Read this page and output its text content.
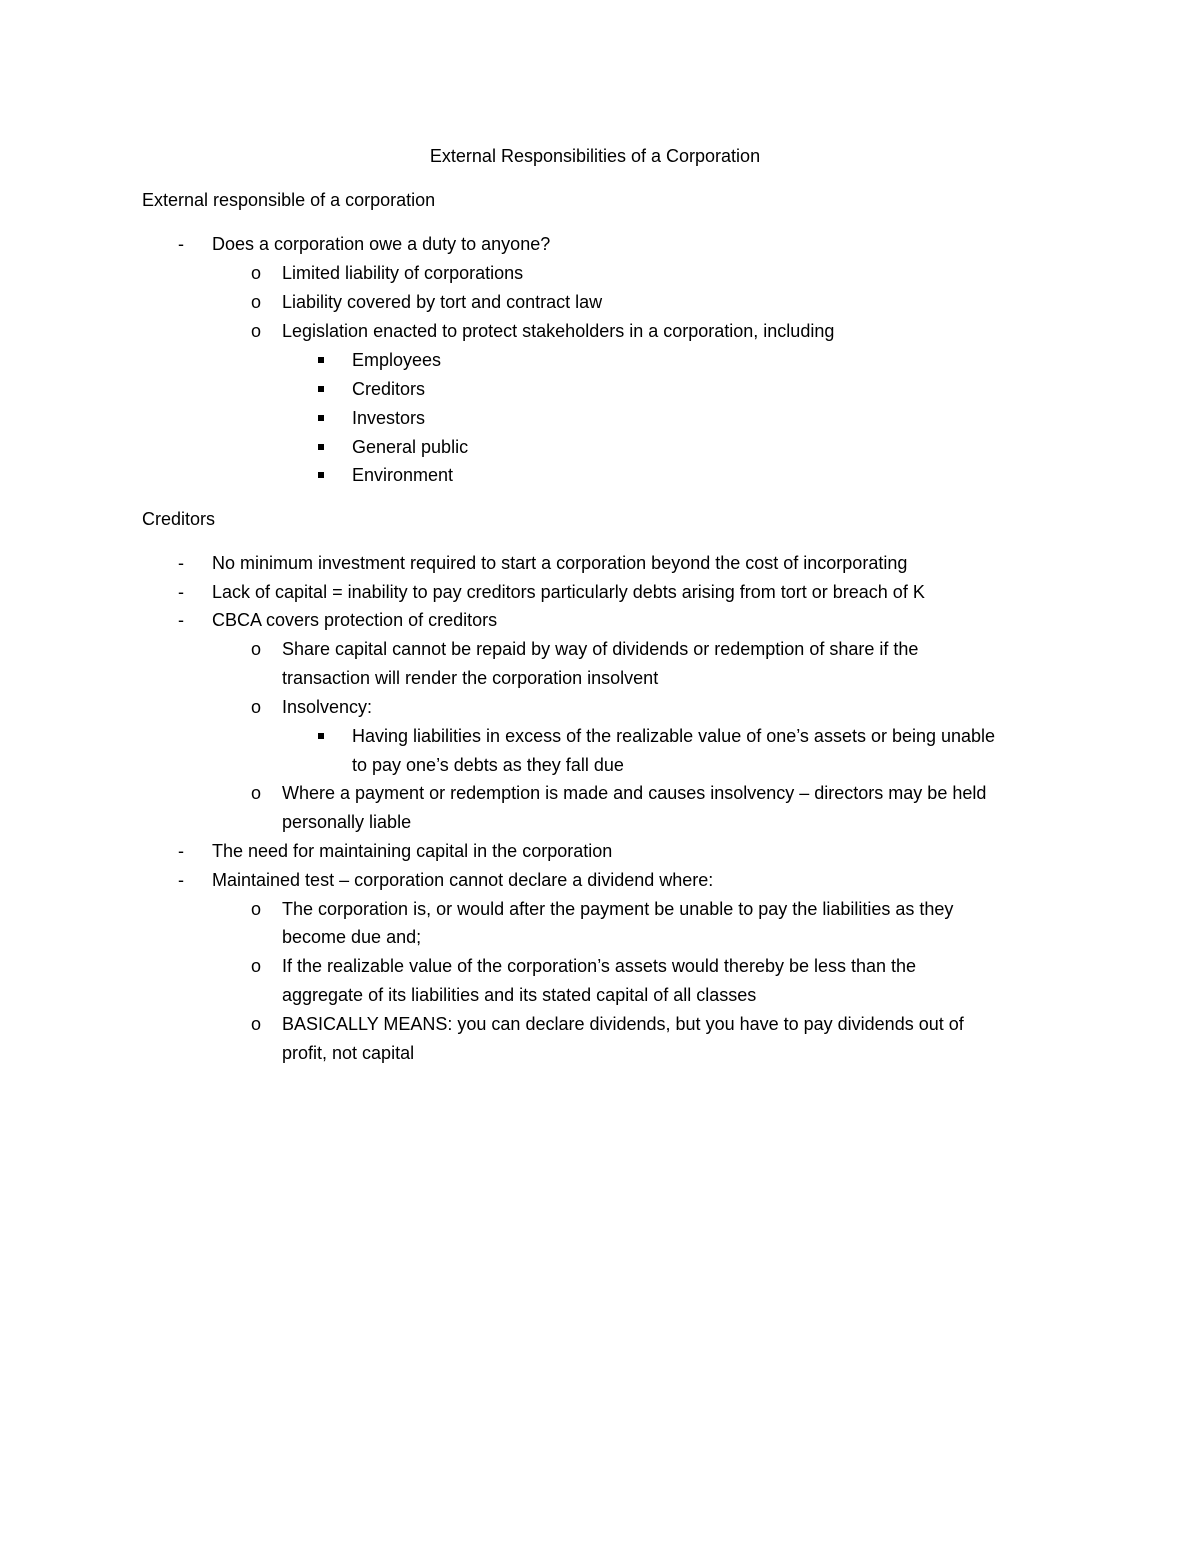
External Responsibilities of a Corporation
External responsible of a corporation
- Does a corporation owe a duty to anyone?
o Limited liability of corporations
o Liability covered by tort and contract law
o Legislation enacted to protect stakeholders in a corporation, including
Employees
Creditors
Investors
General public
Environment
Creditors
- No minimum investment required to start a corporation beyond the cost of incorporating
- Lack of capital = inability to pay creditors particularly debts arising from tort or breach of K
- CBCA covers protection of creditors
o Share capital cannot be repaid by way of dividends or redemption of share if the
transaction will render the corporation insolvent
o Insolvency:
Having liabilities in excess of the realizable value of one’s assets or being unable
to pay one’s debts as they fall due
o Where a payment or redemption is made and causes insolvency – directors may be held
personally liable
- The need for maintaining capital in the corporation
- Maintained test – corporation cannot declare a dividend where:
o The corporation is, or would after the payment be unable to pay the liabilities as they
become due and;
o If the realizable value of the corporation’s assets would thereby be less than the
aggregate of its liabilities and its stated capital of all classes
o BASICALLY MEANS: you can declare dividends, but you have to pay dividends out of
profit, not capital
